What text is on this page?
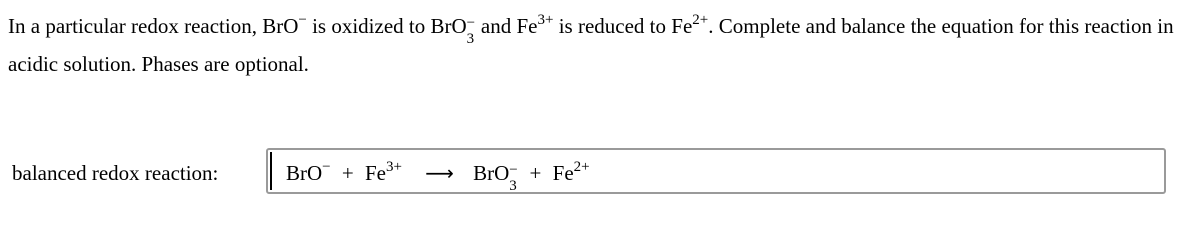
In a particular redox reaction, BrO− is oxidized to BrO −
3
and $Fe^{3+}$ is reduced to $Fe^{2+}$. Complete and balance the equation for this reaction in acidic solution. Phases are optional.
balanced redox reaction:	$BrO^- + Fe^{3+}$ ⟶ BrO −
3
+ $Fe^{2+}$
